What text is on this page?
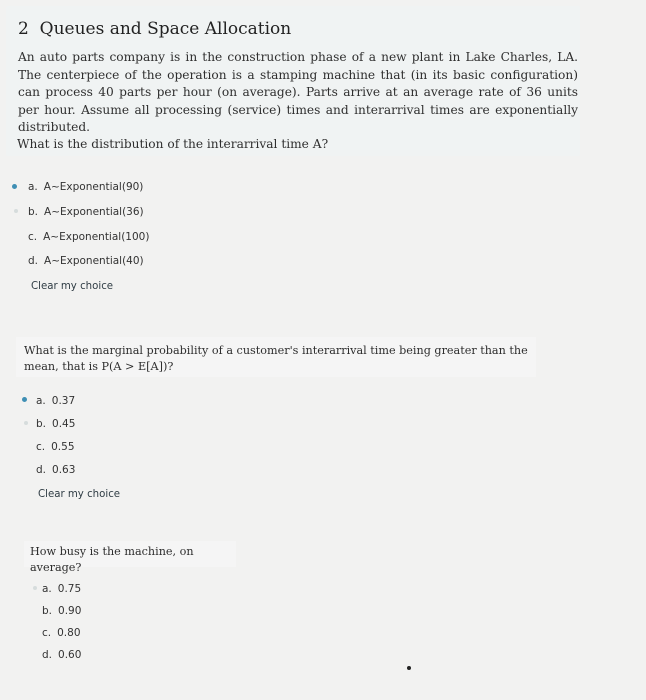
2 Queues and Space Allocation
An auto parts company is in the construction phase of a new plant in Lake Charles, LA. The centerpiece of the operation is a stamping machine that (in its basic configuration) can process 40 parts per hour (on average). Parts arrive at an average rate of 36 units per hour. Assume all processing (service) times and interarrival times are exponentially distributed.
What is the distribution of the interarrival time A?
a. A~Exponential(90)
b. A~Exponential(36)
c. A~Exponential(100)
d. A~Exponential(40)
Clear my choice
What is the marginal probability of a customer's interarrival time being greater than the mean, that is P(A > E[A])?
a. 0.37
b. 0.45
c. 0.55
d. 0.63
Clear my choice
How busy is the machine, on average?
a. 0.75
b. 0.90
c. 0.80
d. 0.60
